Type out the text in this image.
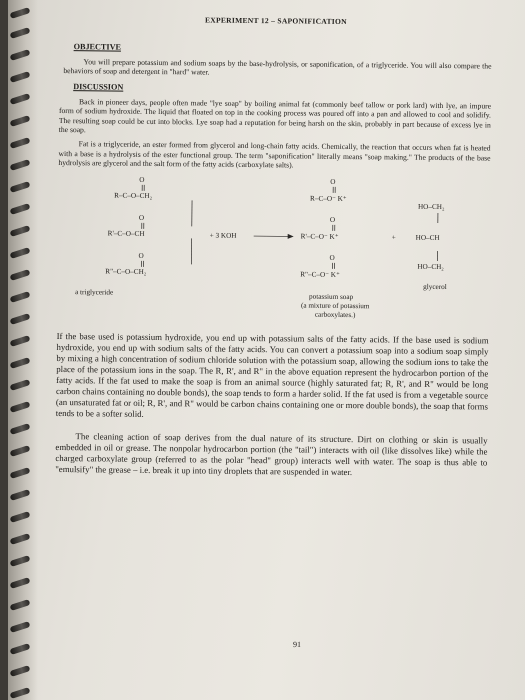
EXPERIMENT 12 – SAPONIFICATION
OBJECTIVE

You will prepare potassium and sodium soaps by the base-hydrolysis, or saponification, of a triglyceride. You will also compare the behaviors of soap and detergent in "hard" water.

DISCUSSION

Back in pioneer days, people often made "lye soap" by boiling animal fat (commonly beef tallow or pork lard) with lye, an impure form of sodium hydroxide. The liquid that floated on top in the cooking process was poured off into a pan and allowed to cool and solidify. The resulting soap could be cut into blocks. Lye soap had a reputation for being harsh on the skin, probably in part because of excess lye in the soap.

Fat is a triglyceride, an ester formed from glycerol and long-chain fatty acids. Chemically, the reaction that occurs when fat is heated with a base is a hydrolysis of the ester functional group. The term "saponification" literally means "soap making." The products of the base hydrolysis are glycerol and the salt form of the fatty acids (carboxylate salts).

O
O
O
R–C–O–CH₂
R'–C–O–CH
R"–C–O–CH₂
+ 3 KOH
O
O
O
R–C–O⁻ K⁺
R'–C–O⁻ K⁺
R"–C–O⁻ K⁺
+
HO–CH₂
HO–CH
HO–CH₂
a triglyceride
potassium soap
(a mixture of potassium
carboxylates.)
glycerol

If the base used is potassium hydroxide, you end up with potassium salts of the fatty acids. If the base used is sodium hydroxide, you end up with sodium salts of the fatty acids. You can convert a potassium soap into a sodium soap simply by mixing a high concentration of sodium chloride solution with the potassium soap, allowing the sodium ions to take the place of the potassium ions in the soap. The R, R', and R" in the above equation represent the hydrocarbon portion of the fatty acids. If the fat used to make the soap is from an animal source (highly saturated fat; R, R', and R" would be long carbon chains containing no double bonds), the soap tends to form a harder solid. If the fat used is from a vegetable source (an unsaturated fat or oil; R, R', and R" would be carbon chains containing one or more double bonds), the soap that forms tends to be a softer solid.

The cleaning action of soap derives from the dual nature of its structure. Dirt on clothing or skin is usually embedded in oil or grease. The nonpolar hydrocarbon portion (the "tail") interacts with oil (like dissolves like) while the charged carboxylate group (referred to as the polar "head" group) interacts well with water. The soap is thus able to "emulsify" the grease – i.e. break it up into tiny droplets that are suspended in water.

91
